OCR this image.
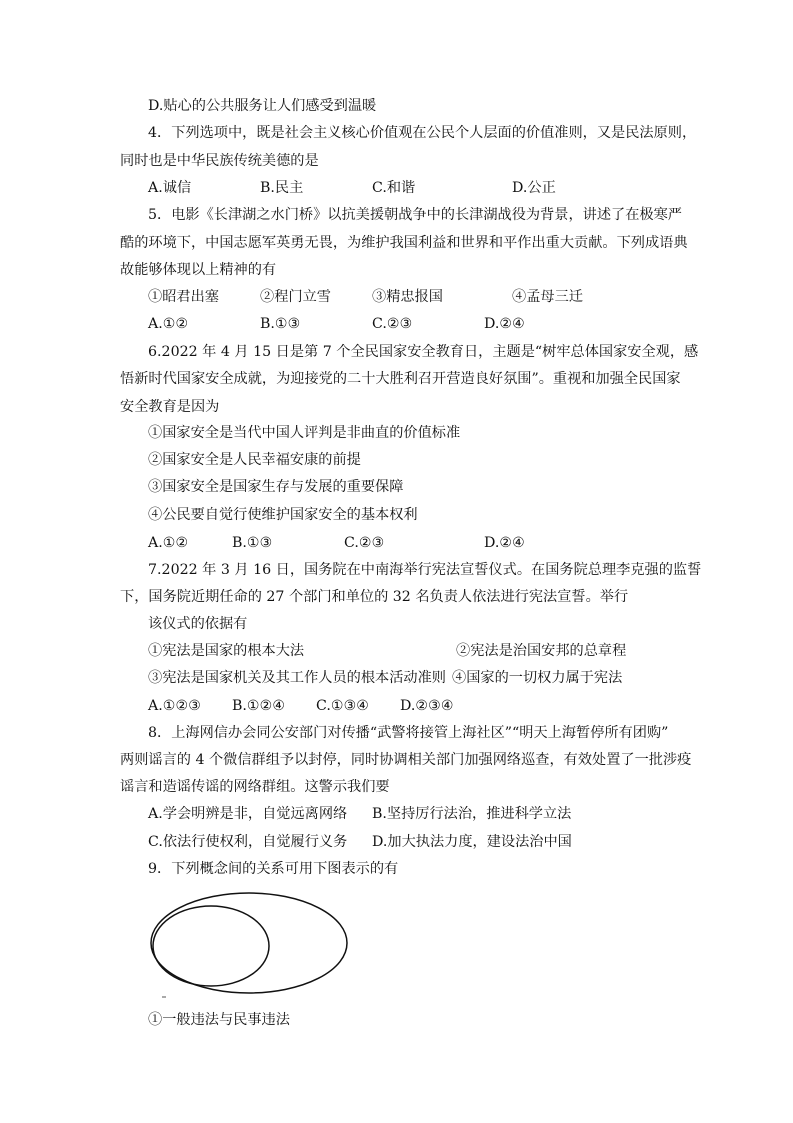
D.贴心的公共服务让人们感受到温暖
4．下列选项中，既是社会主义核心价值观在公民个人层面的价值准则，又是民法原则，
同时也是中华民族传统美德的是
A.诚信	B.民主	C.和谐	D.公正
5．电影《长津湖之水门桥》以抗美援朝战争中的长津湖战役为背景，讲述了在极寒严
酷的环境下，中国志愿军英勇无畏，为维护我国利益和世界和平作出重大贡献。下列成语典
故能够体现以上精神的有
①昭君出塞	②程门立雪	③精忠报国	④孟母三迁
A.①②	B.①③	C.②③	D.②④
6.2022 年 4 月 15 日是第 7 个全民国家安全教育日，主题是“树牢总体国家安全观，感
悟新时代国家安全成就，为迎接党的二十大胜利召开营造良好氛围”。重视和加强全民国家
安全教育是因为
①国家安全是当代中国人评判是非曲直的价值标准
②国家安全是人民幸福安康的前提
③国家安全是国家生存与发展的重要保障
④公民要自觉行使维护国家安全的基本权利
A.①②	B.①③	C.②③	D.②④
7.2022 年 3 月 16 日，国务院在中南海举行宪法宣誓仪式。在国务院总理李克强的监誓
下，国务院近期任命的 27 个部门和单位的 32 名负责人依法进行宪法宣誓。举行
该仪式的依据有
①宪法是国家的根本大法	②宪法是治国安邦的总章程
③宪法是国家机关及其工作人员的根本活动准则 ④国家的一切权力属于宪法
A.①②③ B.①②④ C.①③④ D.②③④
8．上海网信办会同公安部门对传播“武警将接管上海社区”“明天上海暂停所有团购”
两则谣言的 4 个微信群组予以封停，同时协调相关部门加强网络巡查，有效处置了一批涉疫
谣言和造谣传谣的网络群组。这警示我们要
A.学会明辨是非，自觉远离网络 B.坚持厉行法治，推进科学立法
C.依法行使权利，自觉履行义务 D.加大执法力度，建设法治中国
9．下列概念间的关系可用下图表示的有
①一般违法与民事违法
